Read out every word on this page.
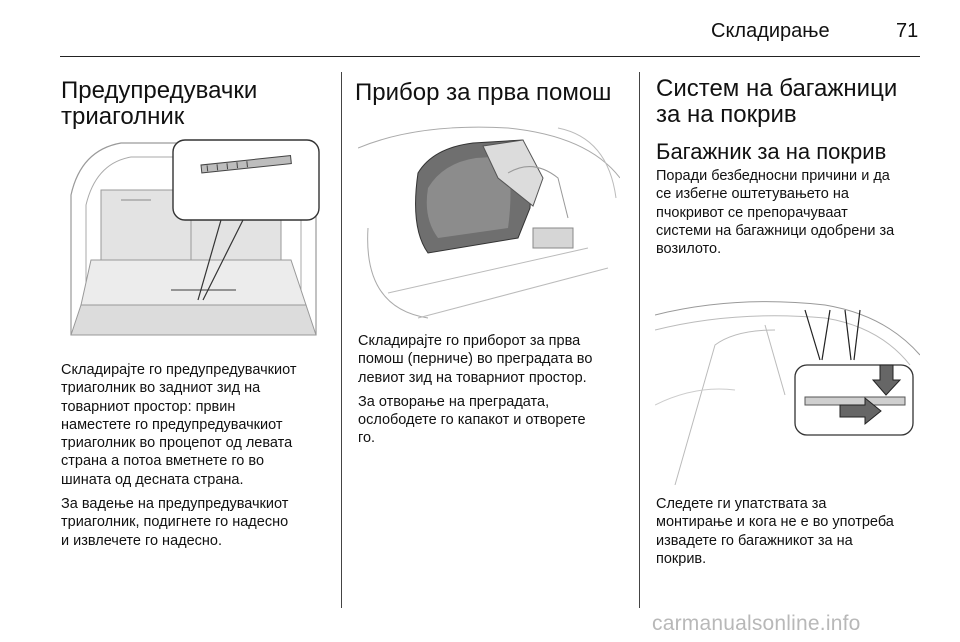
Складирање	71
Предупредувачки
триаголник

Складирајте го предупредувачкиот
триаголник во задниот зид на
товарниот простор: првин
наместете го предупредувачкиот
триаголник во процепот од левата
страна а потоа вметнете го во
шината од десната страна.

За вадење на предупредувачкиот
триаголник, подигнете го надесно
и извлечете го надесно.

Прибор за прва помош

Складирајте го приборот за прва
помош (перниче) во преградата во
левиот зид на товарниот простор.

За отворање на преградата,
ослободете го капакот и отворете
го.

Систем на багажници
за на покрив
Багажник за на покрив

Поради безбедносни причини и да
се избегне оштетувањето на
пчокривот се препорачуваат
системи на багажници одобрени за
возилото.

Следете ги упатствата за
монтирање и кога не е во употреба
извадете го багажникот за на
покрив.

carmanualsonline.info
